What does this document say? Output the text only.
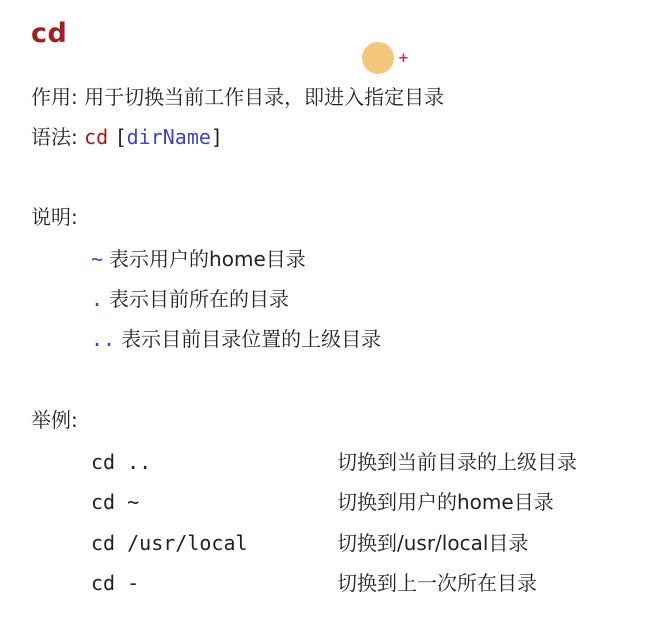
cd
+
作用: 用于切换当前工作目录，即进入指定目录
语法: cd [dirName]
说明:
~ 表示用户的home目录
. 表示目前所在的目录
.. 表示目前目录位置的上级目录
举例:
cd ..	切换到当前目录的上级目录
cd ~	切换到用户的home目录
cd /usr/local	切换到/usr/local目录
cd -	切换到上一次所在目录
